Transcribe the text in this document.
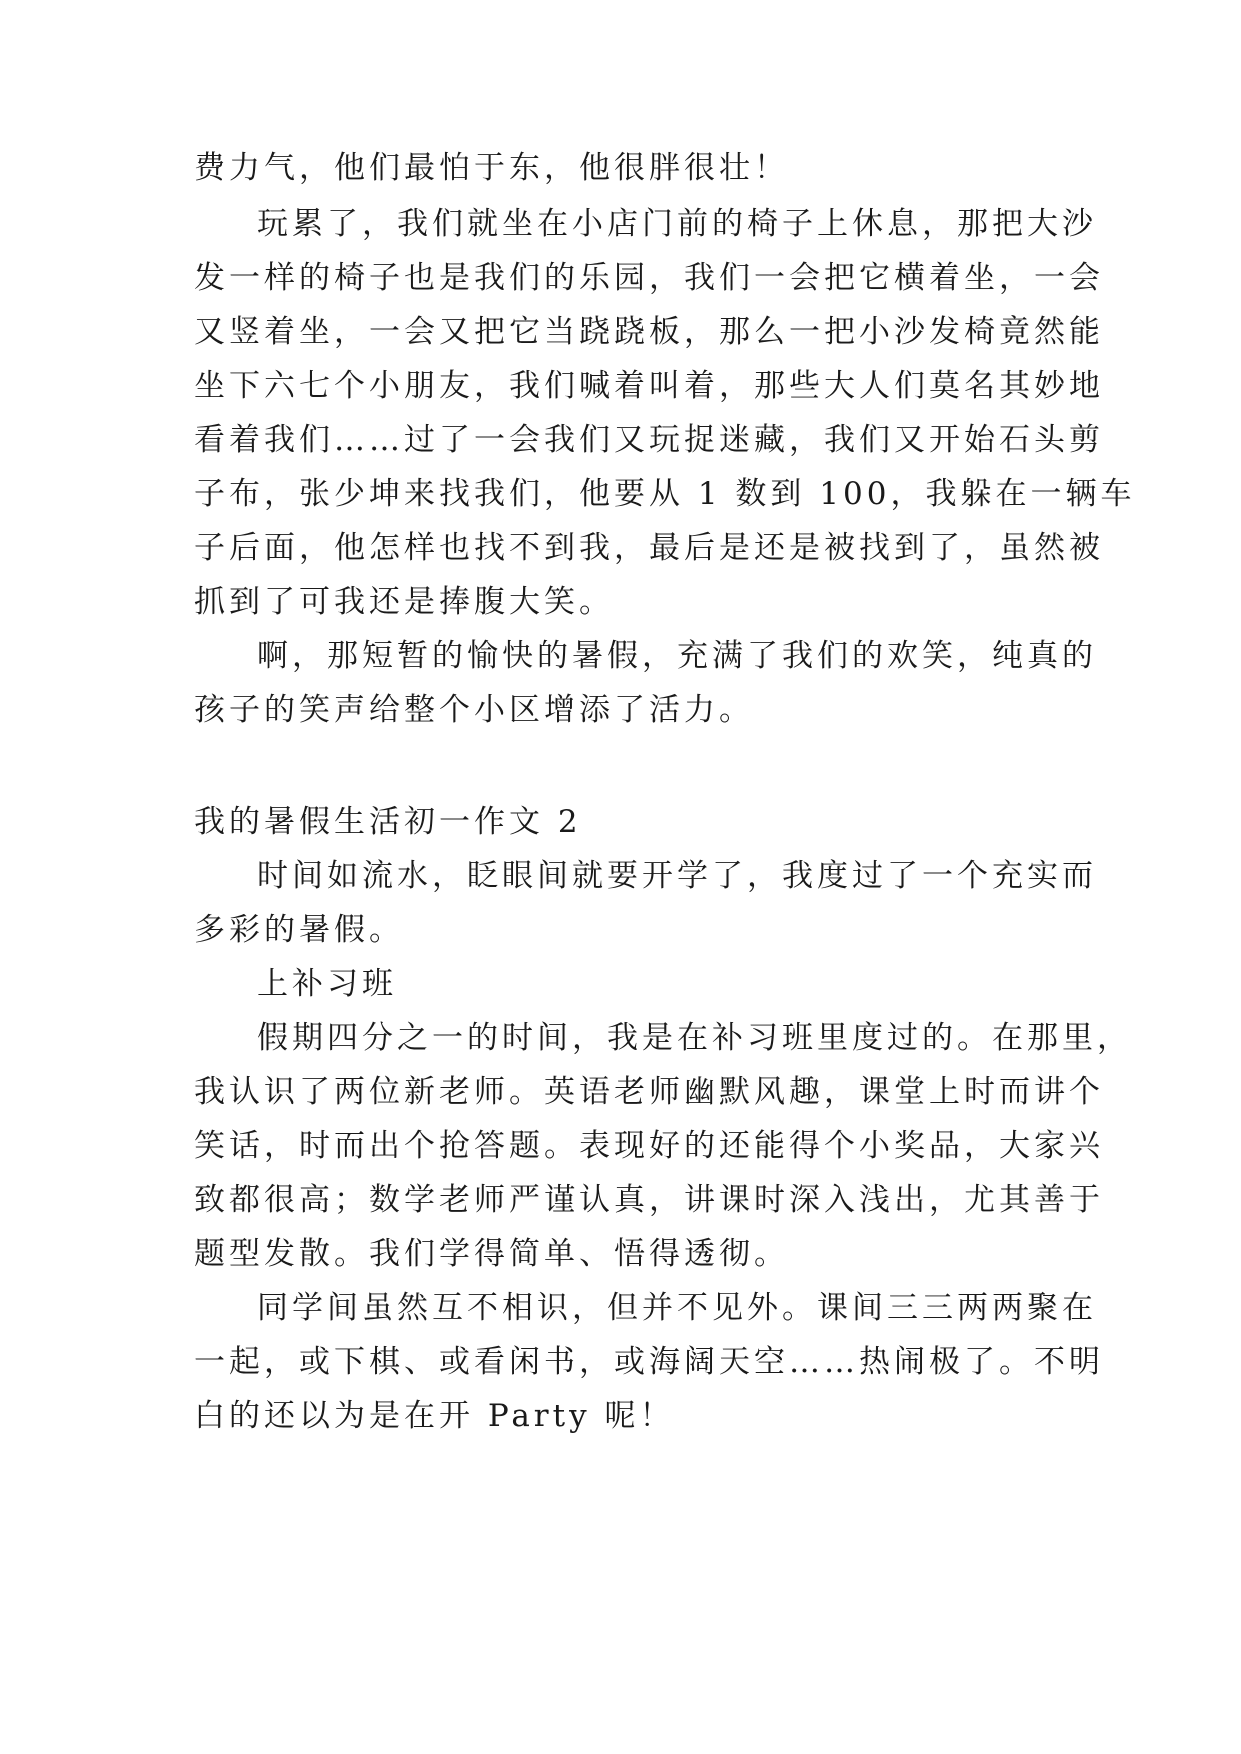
费力气，他们最怕于东，他很胖很壮！
玩累了，我们就坐在小店门前的椅子上休息，那把大沙
发一样的椅子也是我们的乐园，我们一会把它横着坐，一会
又竖着坐，一会又把它当跷跷板，那么一把小沙发椅竟然能
坐下六七个小朋友，我们喊着叫着，那些大人们莫名其妙地
看着我们……过了一会我们又玩捉迷藏，我们又开始石头剪
子布，张少坤来找我们，他要从 1 数到 100，我躲在一辆车
子后面，他怎样也找不到我，最后是还是被找到了，虽然被
抓到了可我还是捧腹大笑。
啊，那短暂的愉快的暑假，充满了我们的欢笑，纯真的
孩子的笑声给整个小区增添了活力。
我的暑假生活初一作文 2
时间如流水，眨眼间就要开学了，我度过了一个充实而
多彩的暑假。
上补习班
假期四分之一的时间，我是在补习班里度过的。在那里，
我认识了两位新老师。英语老师幽默风趣，课堂上时而讲个
笑话，时而出个抢答题。表现好的还能得个小奖品，大家兴
致都很高；数学老师严谨认真，讲课时深入浅出，尤其善于
题型发散。我们学得简单、悟得透彻。
同学间虽然互不相识，但并不见外。课间三三两两聚在
一起，或下棋、或看闲书，或海阔天空……热闹极了。不明
白的还以为是在开 Party 呢！
